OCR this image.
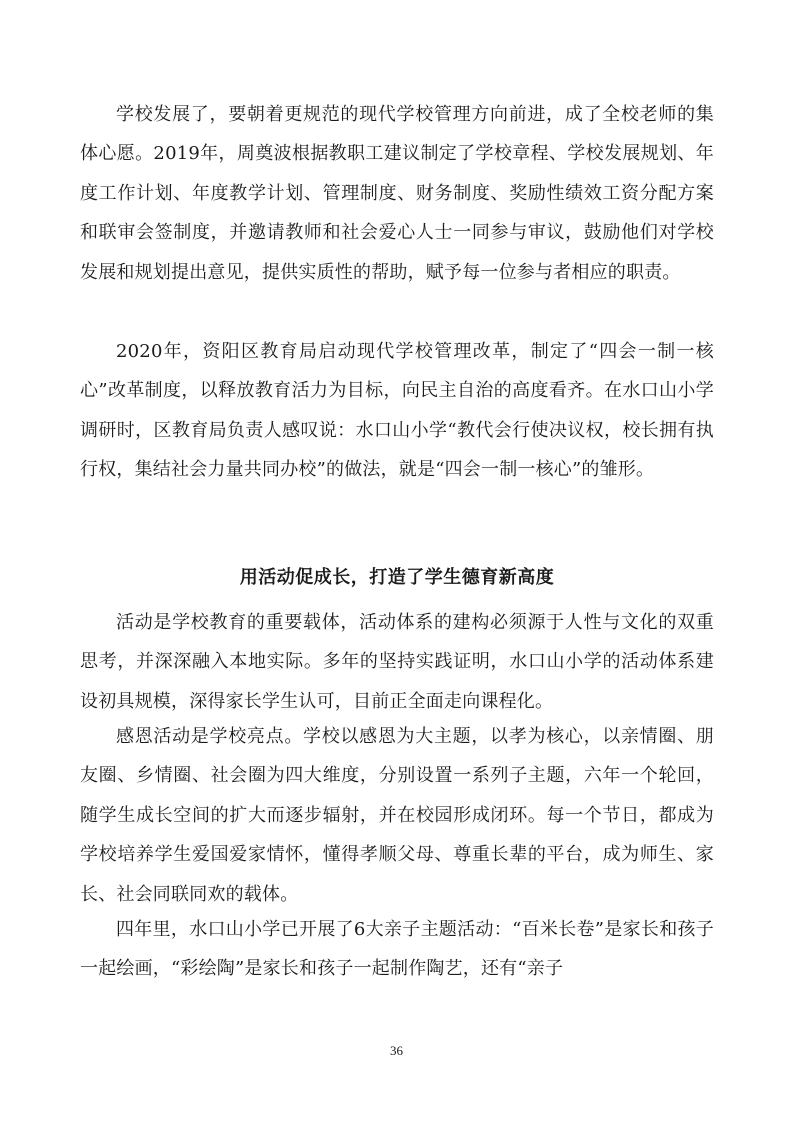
学校发展了，要朝着更规范的现代学校管理方向前进，成了全校老师的集体心愿。2019年，周奠波根据教职工建议制定了学校章程、学校发展规划、年度工作计划、年度教学计划、管理制度、财务制度、奖励性绩效工资分配方案和联审会签制度，并邀请教师和社会爱心人士一同参与审议，鼓励他们对学校发展和规划提出意见，提供实质性的帮助，赋予每一位参与者相应的职责。

2020年，资阳区教育局启动现代学校管理改革，制定了“四会一制一核心”改革制度，以释放教育活力为目标，向民主自治的高度看齐。在水口山小学调研时，区教育局负责人感叹说：水口山小学“教代会行使决议权，校长拥有执行权，集结社会力量共同办校”的做法，就是“四会一制一核心”的雏形。

用活动促成长，打造了学生德育新高度

活动是学校教育的重要载体，活动体系的建构必须源于人性与文化的双重思考，并深深融入本地实际。多年的坚持实践证明，水口山小学的活动体系建设初具规模，深得家长学生认可，目前正全面走向课程化。

感恩活动是学校亮点。学校以感恩为大主题，以孝为核心，以亲情圈、朋友圈、乡情圈、社会圈为四大维度，分别设置一系列子主题，六年一个轮回，随学生成长空间的扩大而逐步辐射，并在校园形成闭环。每一个节日，都成为学校培养学生爱国爱家情怀，懂得孝顺父母、尊重长辈的平台，成为师生、家长、社会同联同欢的载体。

四年里，水口山小学已开展了6大亲子主题活动：“百米长卷”是家长和孩子一起绘画，“彩绘陶”是家长和孩子一起制作陶艺，还有“亲子

36
